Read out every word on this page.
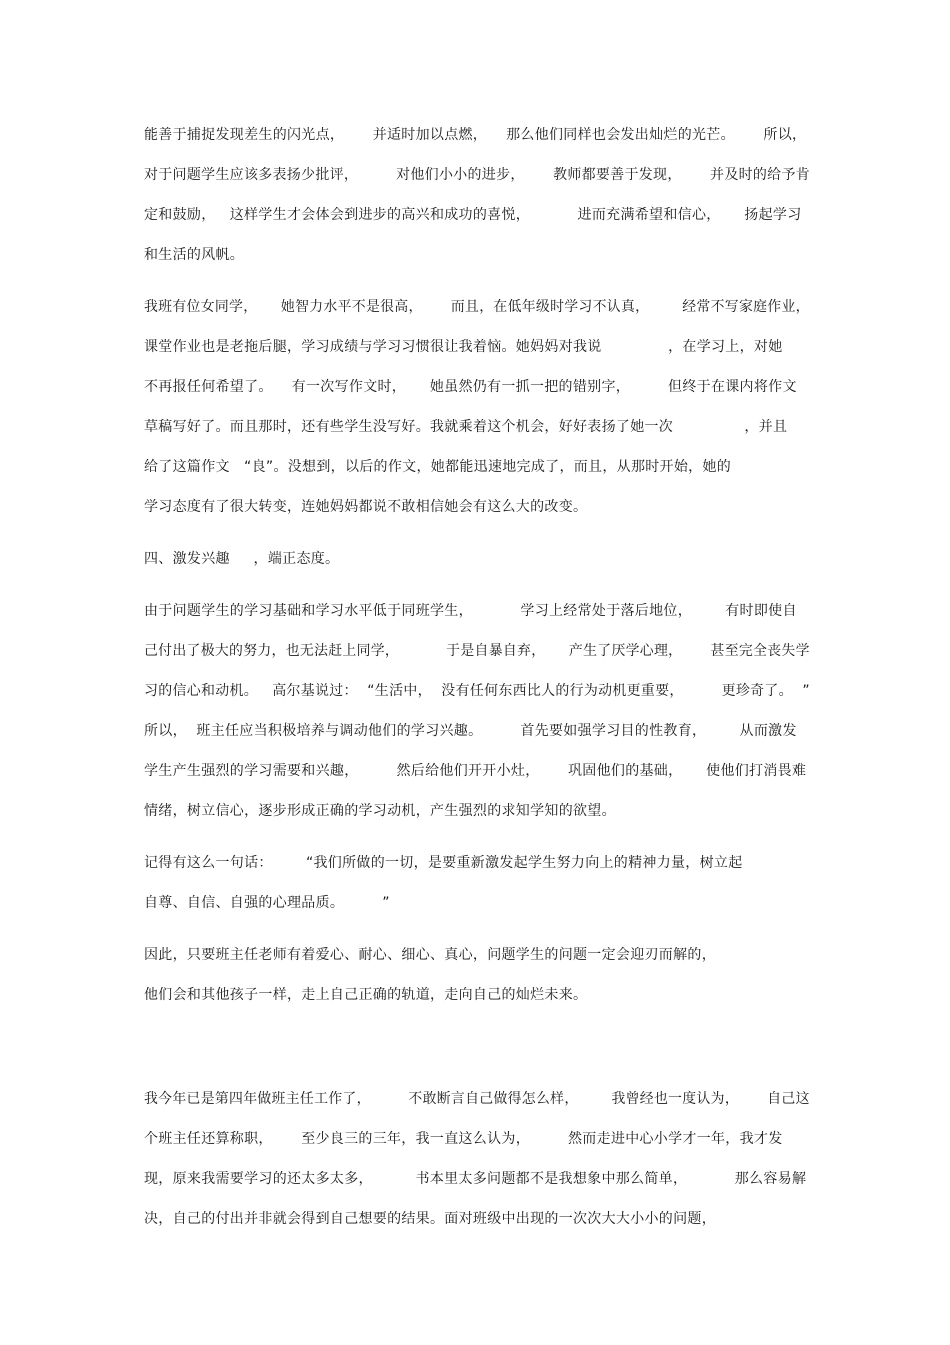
能善于捕捉发现差生的闪光点，      并适时加以点燃，    那么他们同样也会发出灿烂的光芒。      所以，
对于问题学生应该多表扬少批评，        对他们小小的进步，      教师都要善于发现，      并及时的给予肯
定和鼓励，   这样学生才会体会到进步的高兴和成功的喜悦，          进而充满希望和信心，     扬起学习
和生活的风帆。
我班有位女同学，     她智力水平不是很高，      而且，在低年级时学习不认真，       经常不写家庭作业，
课堂作业也是老拖后腿，学习成绩与学习习惯很让我着恼。她妈妈对我说              ，在学习上，对她
不再报任何希望了。    有一次写作文时，     她虽然仍有一抓一把的错别字，        但终于在课内将作文
草稿写好了。而且那时，还有些学生没写好。我就乘着这个机会，好好表扬了她一次               ，并且
给了这篇作文   “良”。没想到，以后的作文，她都能迅速地完成了，而且，从那时开始，她的
学习态度有了很大转变，连她妈妈都说不敢相信她会有这么大的改变。
四、激发兴趣     ，端正态度。
由于问题学生的学习基础和学习水平低于同班学生，          学习上经常处于落后地位，       有时即使自
己付出了极大的努力，也无法赶上同学，          于是自暴自弃，     产生了厌学心理，      甚至完全丧失学
习的信心和动机。   高尔基说过：  “生活中，  没有任何东西比人的行为动机更重要，        更珍奇了。  ”
所以，  班主任应当积极培养与调动他们的学习兴趣。        首先要如强学习目的性教育，       从而激发
学生产生强烈的学习需要和兴趣，        然后给他们开开小灶，      巩固他们的基础，     使他们打消畏难
情绪，树立信心，逐步形成正确的学习动机，产生强烈的求知学知的欲望。
记得有这么一句话：       “我们所做的一切，是要重新激发起学生努力向上的精神力量，树立起
自尊、自信、自强的心理品质。        ”
因此，只要班主任老师有着爱心、耐心、细心、真心，问题学生的问题一定会迎刃而解的，
他们会和其他孩子一样，走上自己正确的轨道，走向自己的灿烂未来。
我今年已是第四年做班主任工作了，        不敢断言自己做得怎么样，       我曾经也一度认为，      自己这
个班主任还算称职，      至少良三的三年，我一直这么认为，        然而走进中心小学才一年，我才发
现，原来我需要学习的还太多太多，         书本里太多问题都不是我想象中那么简单，          那么容易解
决，自己的付出并非就会得到自己想要的结果。面对班级中出现的一次次大大小小的问题，
